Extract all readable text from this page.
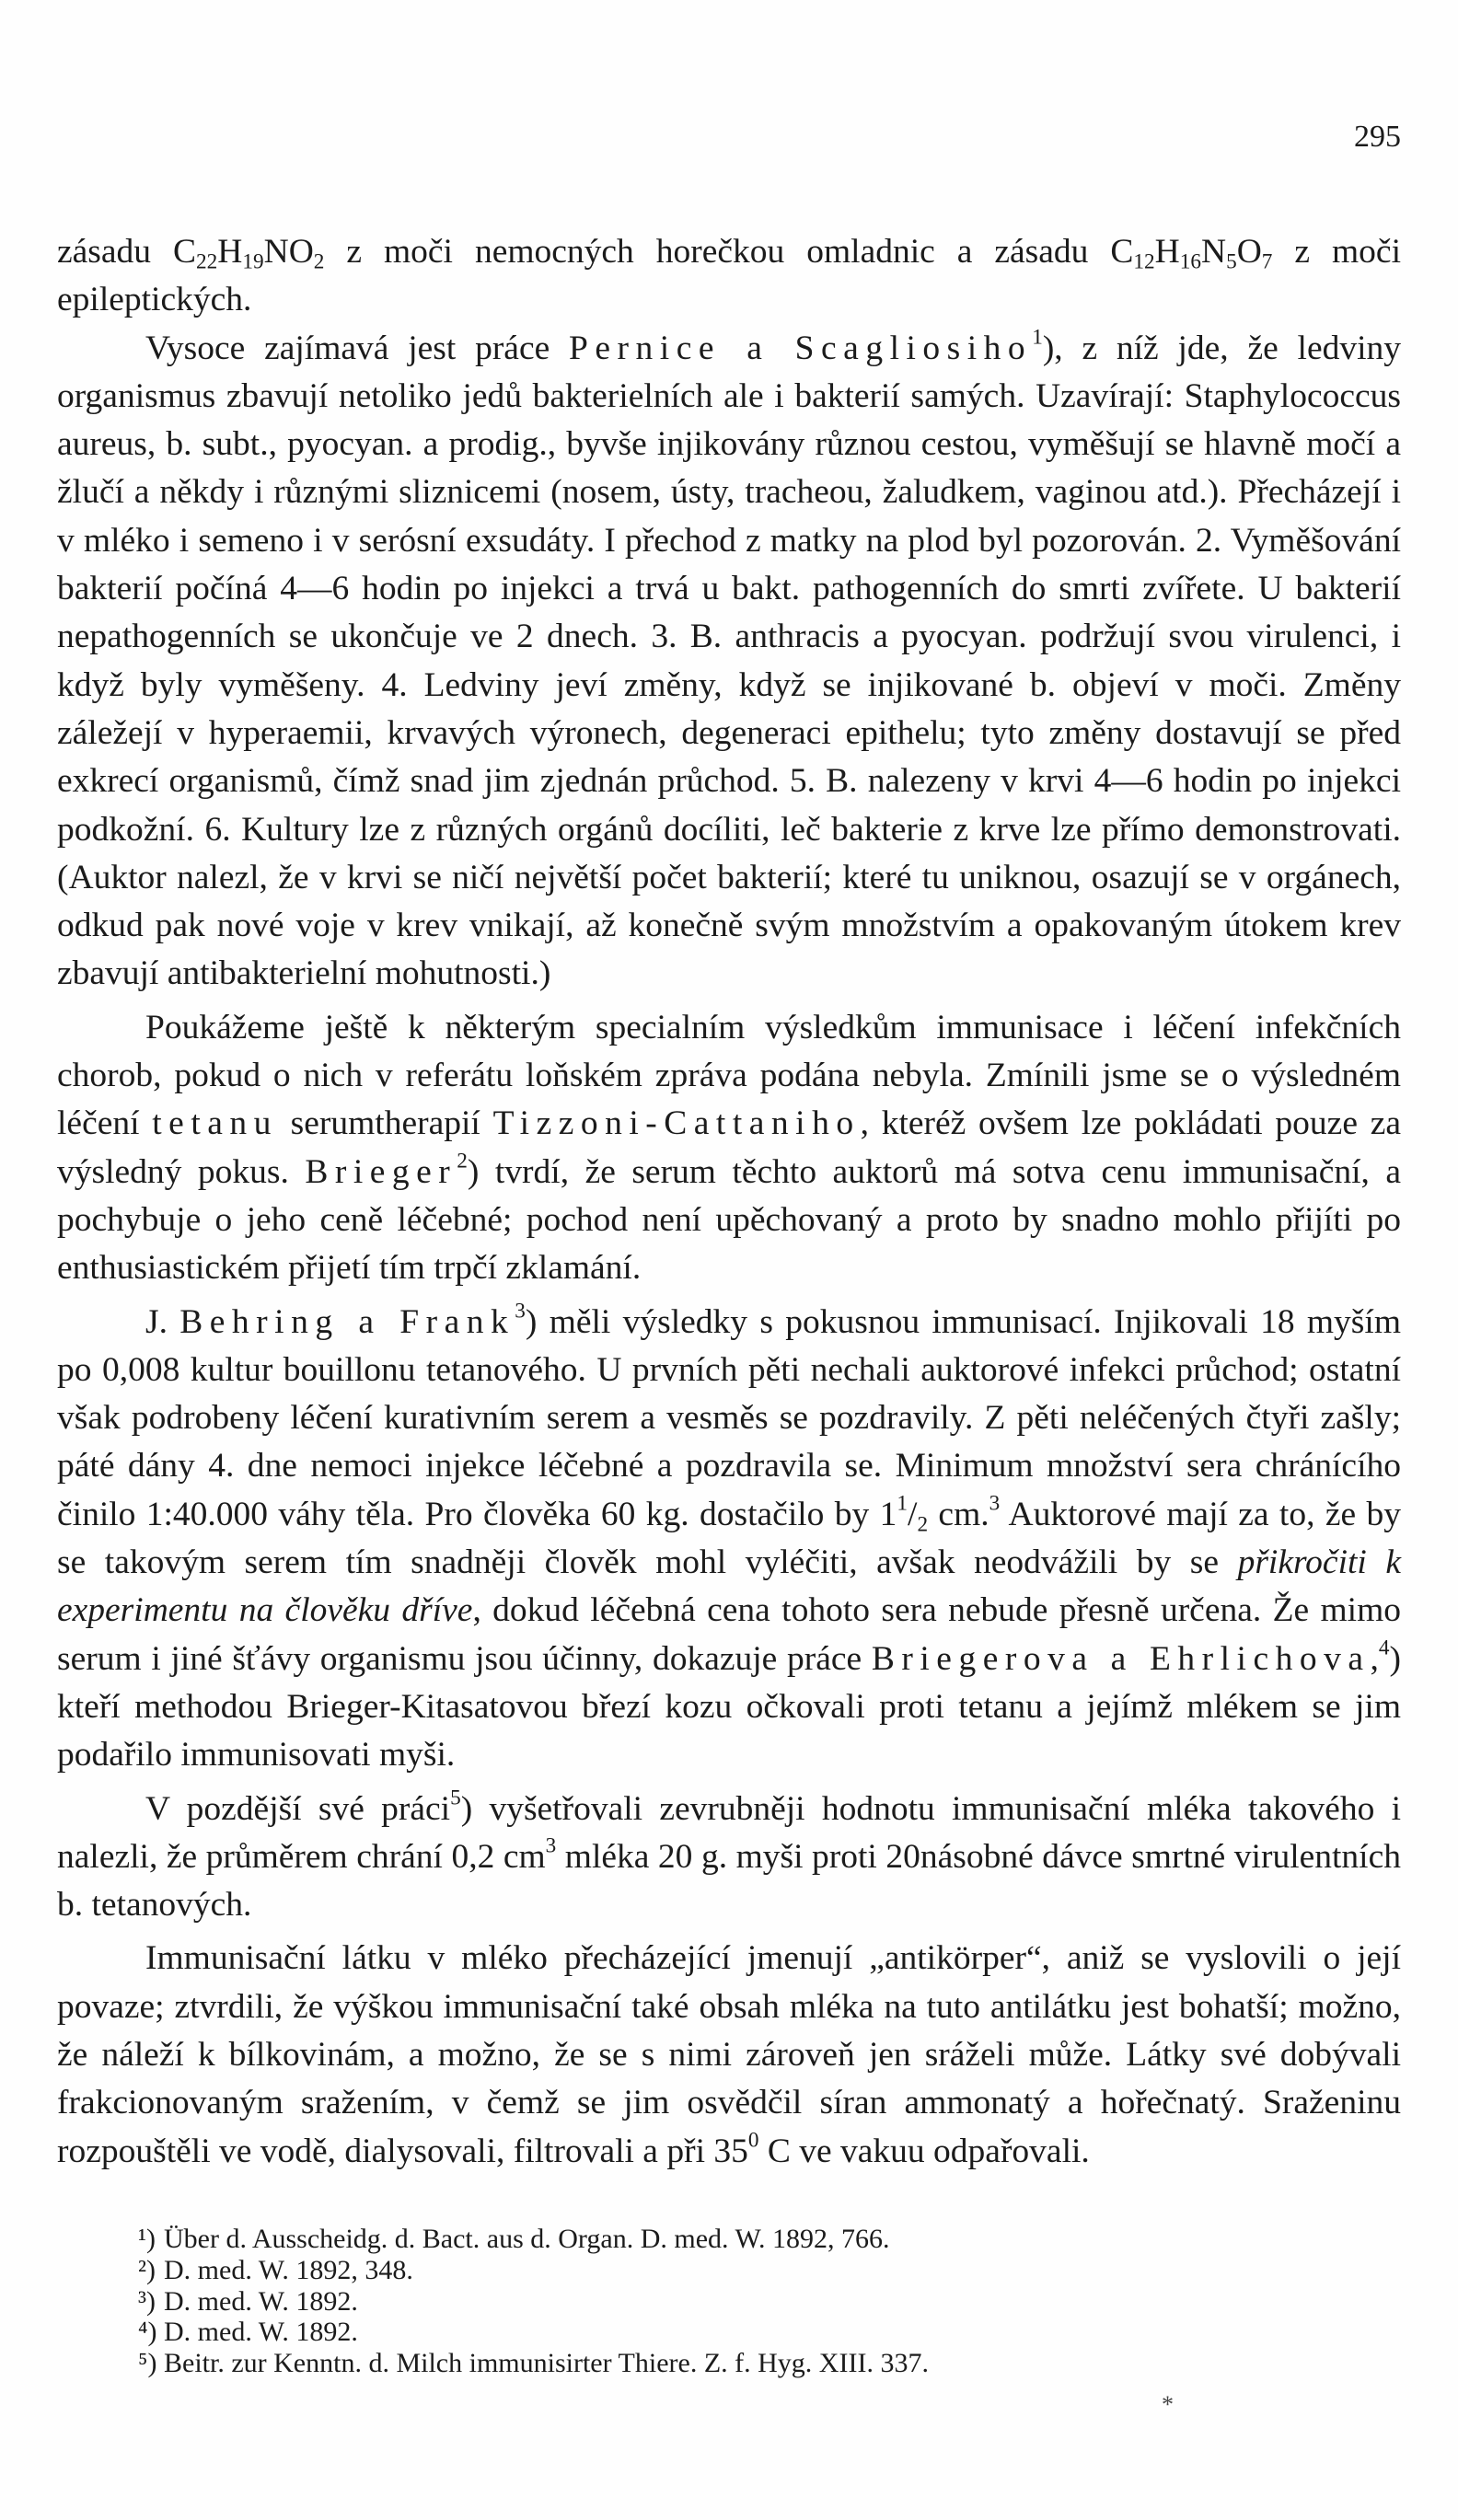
295

zásadu $C_{22}H_{19}NO_2$ z moči nemocných horečkou omladnic a zásadu $C_{12}H_{16}N_5O_7$ z moči epileptických.

Vysoce zajímavá jest práce Pernice a Scagliosiho$^1$), z níž jde, že ledviny organismus zbavují netoliko jedů bakterielních ale i bakterií samých. Uzavírají: Staphylococcus aureus, b. subt., pyocyan. a prodig., byvše injikovány různou cestou, vyměšují se hlavně močí a žlučí a někdy i různými sliznicemi (nosem, ústy, tracheou, žaludkem, vaginou atd.). Přecházejí i v mléko i semeno i v serósní exsudáty. I přechod z matky na plod byl pozorován. 2. Vyměšování bakterií počíná 4—6 hodin po injekci a trvá u bakt. pathogenních do smrti zvířete. U bakterií nepathogenních se ukončuje ve 2 dnech. 3. B. anthracis a pyocyan. podržují svou virulenci, i když byly vyměšeny. 4. Ledviny jeví změny, když se injikované b. objeví v moči. Změny záležejí v hyperaemii, krvavých výronech, degeneraci epithelu; tyto změny dostavují se před exkrecí organismů, čímž snad jim zjednán průchod. 5. B. nalezeny v krvi 4—6 hodin po injekci podkožní. 6. Kultury lze z různých orgánů docíliti, leč bakterie z krve lze přímo demonstrovati. (Auktor nalezl, že v krvi se ničí největší počet bakterií; které tu uniknou, osazují se v orgánech, odkud pak nové voje v krev vnikají, až konečně svým množstvím a opakovaným útokem krev zbavují antibakterielní mohutnosti.)

Poukážeme ještě k některým specialním výsledkům immunisace i léčení infekčních chorob, pokud o nich v referátu loňském zpráva podána nebyla. Zmínili jsme se o výsledném léčení tetanu serumtherapií Tizzoni-Cattaniho, kteréž ovšem lze pokládati pouze za výsledný pokus. Brieger$^2$) tvrdí, že serum těchto auktorů má sotva cenu immunisační, a pochybuje o jeho ceně léčebné; pochod není upěchovaný a proto by snadno mohlo přijíti po enthusiastickém přijetí tím trpčí zklamání.

J. Behring a Frank$^3$) měli výsledky s pokusnou immunisací. Injikovali 18 myším po 0,008 kultur bouillonu tetanového. U prvních pěti nechali auktorové infekci průchod; ostatní však podrobeny léčení kurativním serem a vesměs se pozdravily. Z pěti neléčených čtyři zašly; páté dány 4. dne nemoci injekce léčebné a pozdravila se. Minimum množství sera chránícího činilo 1:40.000 váhy těla. Pro člověka 60 kg. dostačilo by $1^1/_2$ cm.$^3$ Auktorové mají za to, že by se takovým serem tím snadněji člověk mohl vyléčiti, avšak neodvážili by se přikročiti k experimentu na člověku dříve, dokud léčebná cena tohoto sera nebude přesně určena. Že mimo serum i jiné šťávy organismu jsou účinny, dokazuje práce Briegerova a Ehrlichova,$^4$) kteří methodou Brieger-Kitasatovou březí kozu očkovali proti tetanu a jejímž mlékem se jim podařilo immunisovati myši.

V pozdější své práci$^5$) vyšetřovali zevrubněji hodnotu immunisační mléka takového i nalezli, že průměrem chrání 0,2 $cm^3$ mléka 20 g. myši proti 20násobné dávce smrtné virulentních b. tetanových.

Immunisační látku v mléko přecházející jmenují „antikörper“, aniž se vyslovili o její povaze; ztvrdili, že výškou immunisační také obsah mléka na tuto antilátku jest bohatší; možno, že náleží k bílkovinám, a možno, že se s nimi zároveň jen sráželi může. Látky své dobývali frakcionovaným sražením, v čemž se jim osvědčil síran ammonatý a hořečnatý. Sraženinu rozpouštěli ve vodě, dialysovali, filtrovali a při $35^0$ C ve vakuu odpařovali.

¹) Über d. Ausscheidg. d. Bact. aus d. Organ. D. med. W. 1892, 766.
²) D. med. W. 1892, 348.
³) D. med. W. 1892.
⁴) D. med. W. 1892.
⁵) Beitr. zur Kenntn. d. Milch immunisirter Thiere. Z. f. Hyg. XIII. 337.
*
